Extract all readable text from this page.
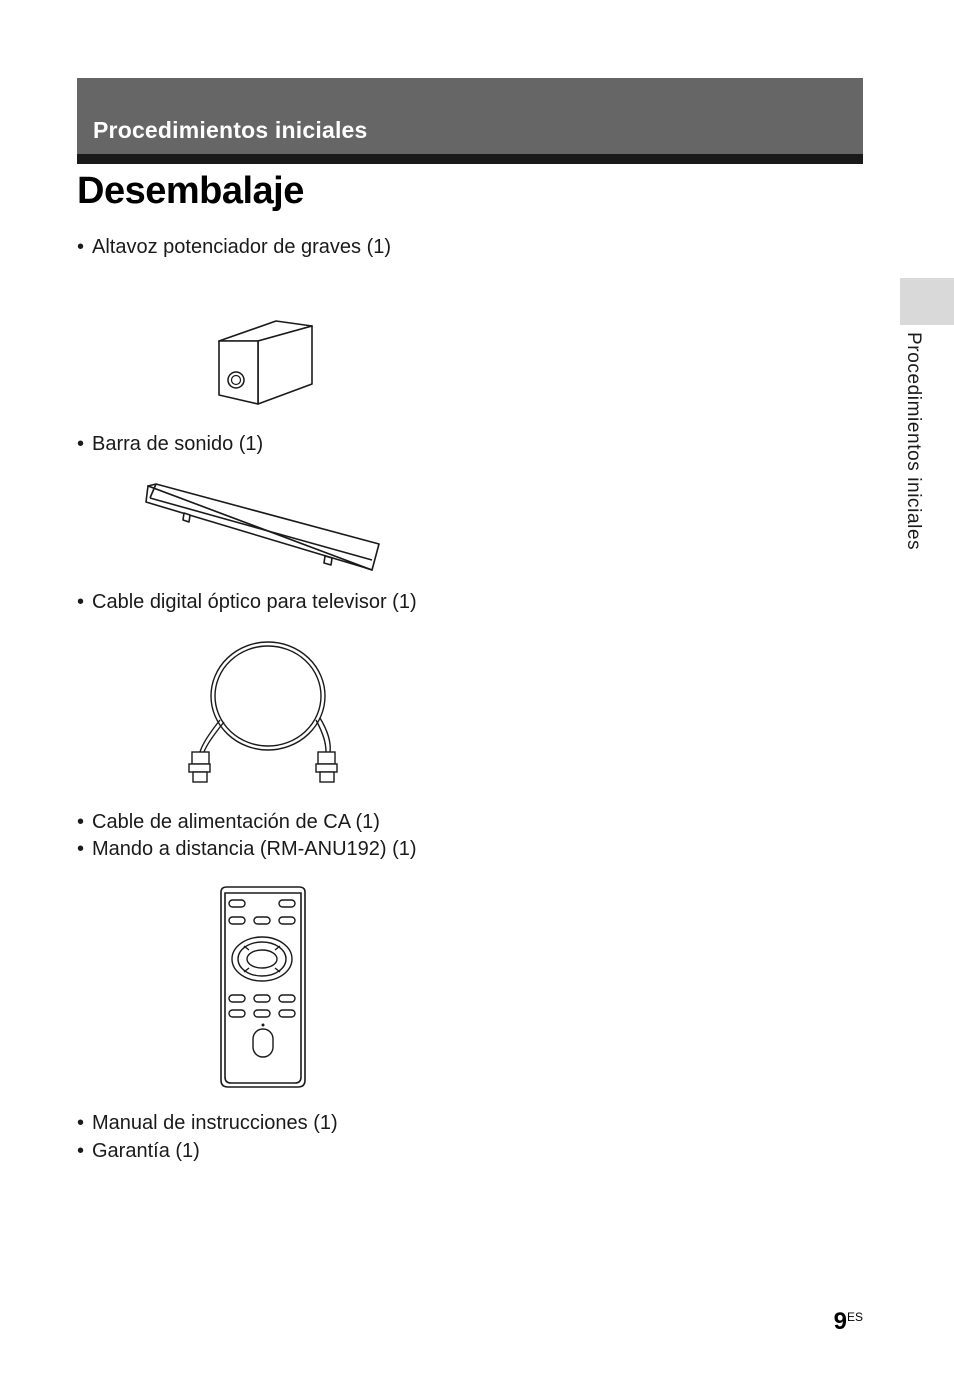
Procedimientos iniciales
Desembalaje
• Altavoz potenciador de graves (1)
• Barra de sonido (1)
• Cable digital óptico para televisor (1)
• Cable de alimentación de CA (1)
• Mando a distancia (RM-ANU192) (1)
• Manual de instrucciones (1)
• Garantía (1)
Procedimientos iniciales
$9^{ES}$
